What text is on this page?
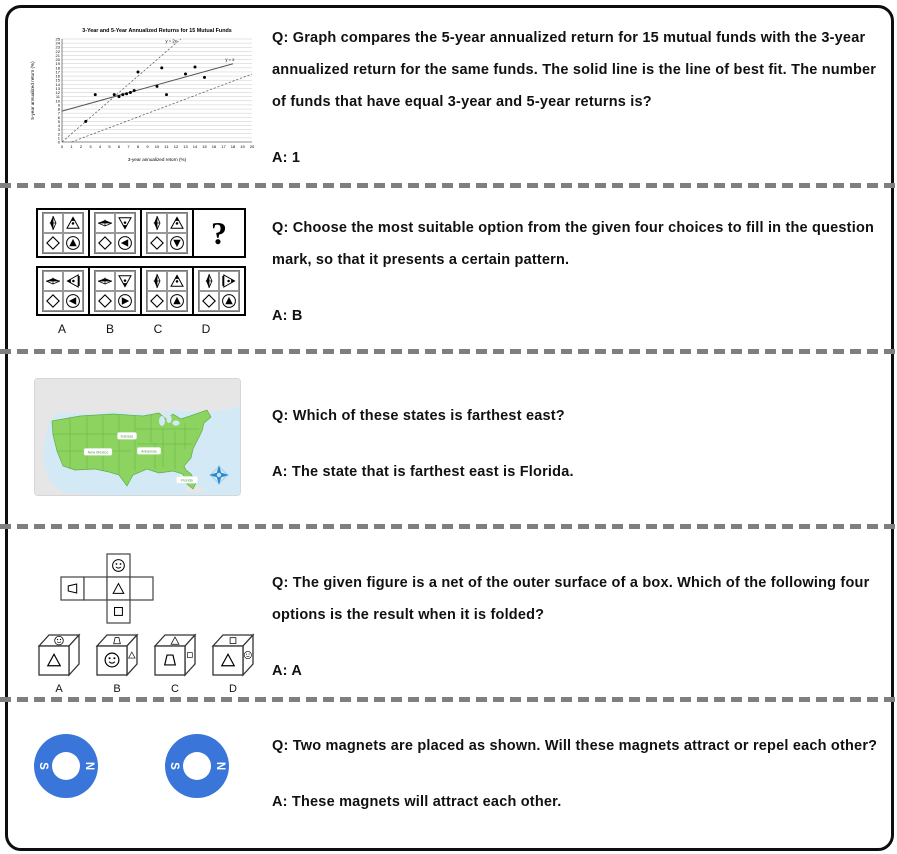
3-Year and 5-Year Annualized Returns for 15 Mutual Funds
0
1
2
3
4
5
6
7
8
9
10
11
12
13
14
15
16
17
18
19
20
21
22
23
24
25
0 1 2 3 4 5 6 7 8 9 10 11 12 13 14 15 16 17 18 19 20
y = 2x
y = x
3-year annualized return (%)
5-year annualized return (%)

Q: Graph compares the 5-year annualized return for 15 mutual funds with the 3-year annualized return for the same funds. The solid line is the line of best fit. The number of funds that have equal 3-year and 5-year returns is?

A: 1

?
A	B	C	D

Q: Choose the most suitable option from the given four choices to fill in the question mark, so that it presents a certain pattern.

A: B

Kansas
New Mexico	Arkansas
Florida

Q: Which of these states is farthest east?

A: The state that is farthest east is Florida.

A	B	C	D

Q: The given figure is a net of the outer surface of a box. Which of the following four options is the result when it is folded?

A: A

S	N	S	N

Q: Two magnets are placed as shown. Will these magnets attract or repel each other?

A: These magnets will attract each other.
